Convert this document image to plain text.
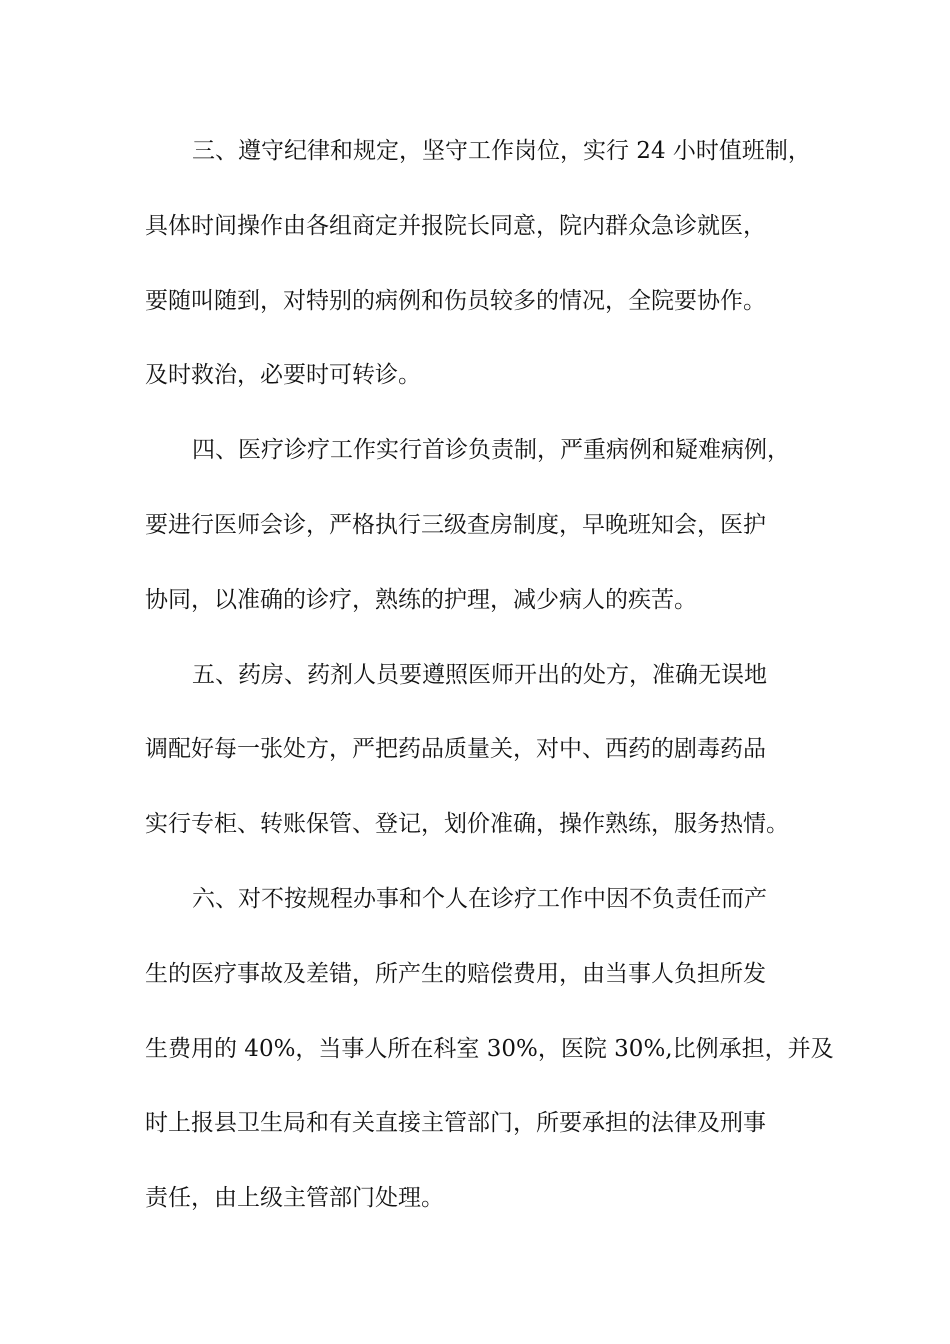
三、遵守纪律和规定，坚守工作岗位，实行 24 小时值班制，
具体时间操作由各组商定并报院长同意，院内群众急诊就医，
要随叫随到，对特别的病例和伤员较多的情况，全院要协作。
及时救治，必要时可转诊。
四、医疗诊疗工作实行首诊负责制，严重病例和疑难病例，
要进行医师会诊，严格执行三级查房制度，早晚班知会，医护
协同，以准确的诊疗，熟练的护理，减少病人的疾苦。
五、药房、药剂人员要遵照医师开出的处方，准确无误地
调配好每一张处方，严把药品质量关，对中、西药的剧毒药品
实行专柜、转账保管、登记，划价准确，操作熟练，服务热情。
六、对不按规程办事和个人在诊疗工作中因不负责任而产
生的医疗事故及差错，所产生的赔偿费用，由当事人负担所发
生费用的 40%，当事人所在科室 30%，医院 30%,比例承担，并及
时上报县卫生局和有关直接主管部门，所要承担的法律及刑事
责任，由上级主管部门处理。
